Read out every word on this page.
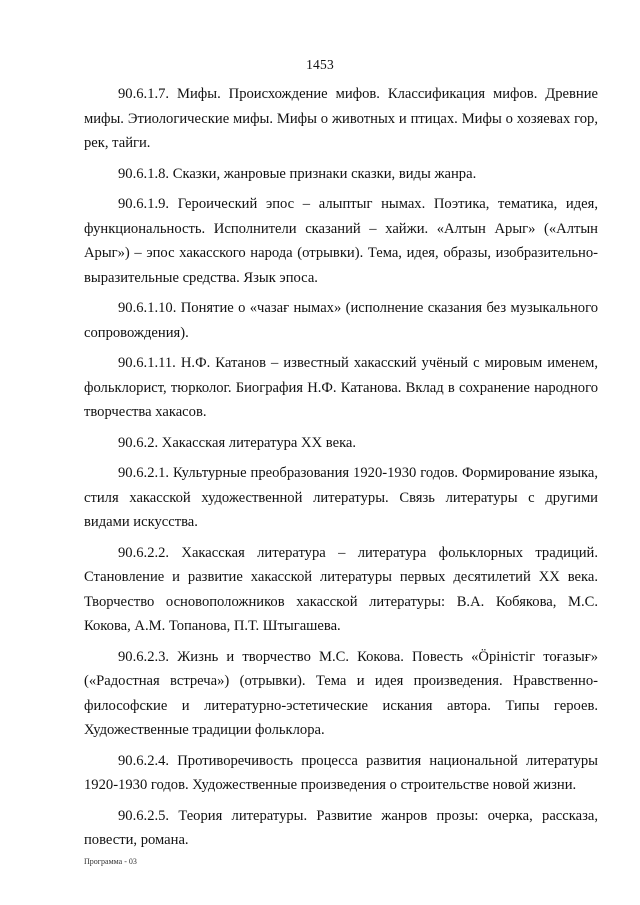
1453

90.6.1.7. Мифы. Происхождение мифов. Классификация мифов. Древние мифы. Этиологические мифы. Мифы о животных и птицах. Мифы о хозяевах гор, рек, тайги.

90.6.1.8. Сказки, жанровые признаки сказки, виды жанра.

90.6.1.9. Героический эпос – алыптыг нымах. Поэтика, тематика, идея, функциональность. Исполнители сказаний – хайжи. «Алтын Арыг» («Алтын Арыг») – эпос хакасского народа (отрывки). Тема, идея, образы, изобразительно-выразительные средства. Язык эпоса.

90.6.1.10. Понятие о «чазағ нымах» (исполнение сказания без музыкального сопровождения).

90.6.1.11. Н.Ф. Катанов – известный хакасский учёный с мировым именем, фольклорист, тюрколог. Биография Н.Ф. Катанова. Вклад в сохранение народного творчества хакасов.

90.6.2. Хакасская литература XX века.

90.6.2.1. Культурные преобразования 1920-1930 годов. Формирование языка, стиля хакасской художественной литературы. Связь литературы с другими видами искусства.

90.6.2.2. Хакасская литература – литература фольклорных традиций. Становление и развитие хакасской литературы первых десятилетий XX века. Творчество основоположников хакасской литературы: В.А. Кобякова, М.С. Кокова, А.М. Топанова, П.Т. Штыгашева.

90.6.2.3. Жизнь и творчество М.С. Кокова. Повесть «Öрiнiстiг тоғазығ» («Радостная встреча») (отрывки). Тема и идея произведения. Нравственно-философские и литературно-эстетические искания автора. Типы героев. Художественные традиции фольклора.

90.6.2.4. Противоречивость процесса развития национальной литературы 1920-1930 годов. Художественные произведения о строительстве новой жизни.

90.6.2.5. Теория литературы. Развитие жанров прозы: очерка, рассказа, повести, романа.

Программа - 03
